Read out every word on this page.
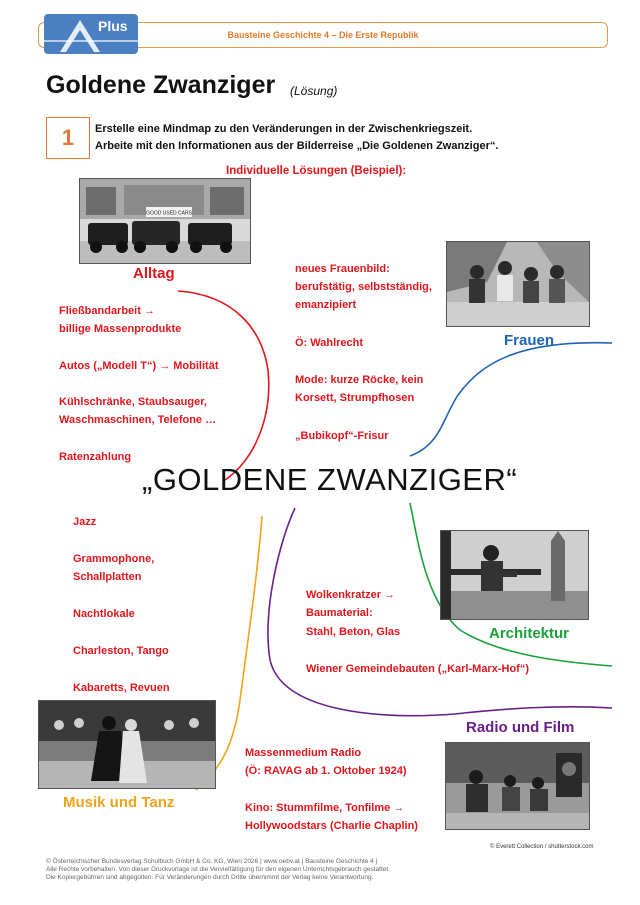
Bausteine Geschichte 4 – Die Erste Republik
Plus
Goldene Zwanziger (Lösung)
1	Erstelle eine Mindmap zu den Veränderungen in der Zwischenkriegszeit.
Arbeite mit den Informationen aus der Bilderreise „Die Goldenen Zwanziger“.
Individuelle Lösungen (Beispiel):
GOOD USED CARS
Alltag
Frauen
Architektur
Radio und Film
Musik und Tanz
Fließbandarbeit →
billige Massenprodukte
Autos („Modell T“) → Mobilität
Kühlschränke, Staubsauger,
Waschmaschinen, Telefone …
Ratenzahlung
neues Frauenbild:
berufstätig, selbstständig,
emanzipiert
Ö: Wahlrecht
Mode: kurze Röcke, kein
Korsett, Strumpfhosen
„Bubikopf“-Frisur
„GOLDENE ZWANZIGER“
Jazz
Grammophone,
Schallplatten
Nachtlokale
Charleston, Tango
Kabaretts, Revuen
Wolkenkratzer →
Baumaterial:
Stahl, Beton, Glas
Wiener Gemeindebauten („Karl-Marx-Hof“)
Massenmedium Radio
(Ö: RAVAG ab 1. Oktober 1924)
Kino: Stummfilme, Tonfilme →
Hollywoodstars (Charlie Chaplin)
© Everett Collection / shutterstock.com
© Österreichischer Bundesverlag Schulbuch GmbH & Co. KG, Wien 2026 | www.oebv.at | Bausteine Geschichte 4 |
Alle Rechte vorbehalten. Von dieser Druckvorlage ist die Vervielfältigung für den eigenen Unterrichtsgebrauch gestattet.
Die Kopiergebühren sind abgegolten. Für Veränderungen durch Dritte übernimmt der Verlag keine Verantwortung.
